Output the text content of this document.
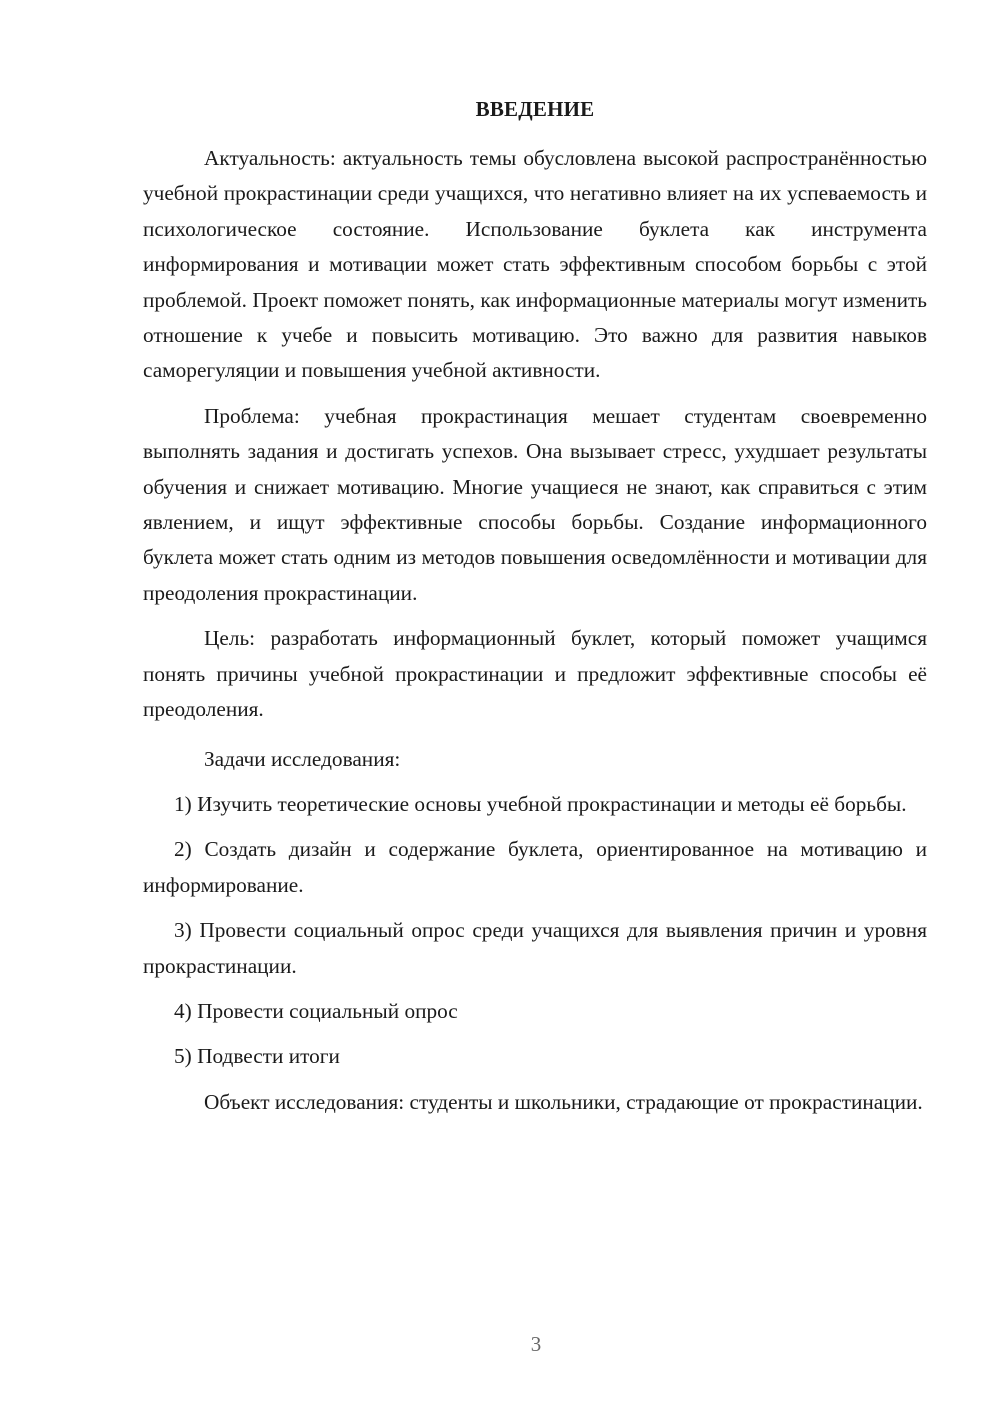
ВВЕДЕНИЕ

Актуальность: актуальность темы обусловлена высокой распространённостью учебной прокрастинации среди учащихся, что негативно влияет на их успеваемость и психологическое состояние. Использование буклета как инструмента информирования и мотивации может стать эффективным способом борьбы с этой проблемой. Проект поможет понять, как информационные материалы могут изменить отношение к учебе и повысить мотивацию. Это важно для развития навыков саморегуляции и повышения учебной активности.

Проблема: учебная прокрастинация мешает студентам своевременно выполнять задания и достигать успехов. Она вызывает стресс, ухудшает результаты обучения и снижает мотивацию. Многие учащиеся не знают, как справиться с этим явлением, и ищут эффективные способы борьбы. Создание информационного буклета может стать одним из методов повышения осведомлённости и мотивации для преодоления прокрастинации.

Цель: разработать информационный буклет, который поможет учащимся понять причины учебной прокрастинации и предложит эффективные способы её преодоления.

Задачи исследования:

1) Изучить теоретические основы учебной прокрастинации и методы её борьбы.

2) Создать дизайн и содержание буклета, ориентированное на мотивацию и информирование.

3) Провести социальный опрос среди учащихся для выявления причин и уровня прокрастинации.

4) Провести социальный опрос

5) Подвести итоги

Объект исследования: студенты и школьники, страдающие от прокрастинации.

3
